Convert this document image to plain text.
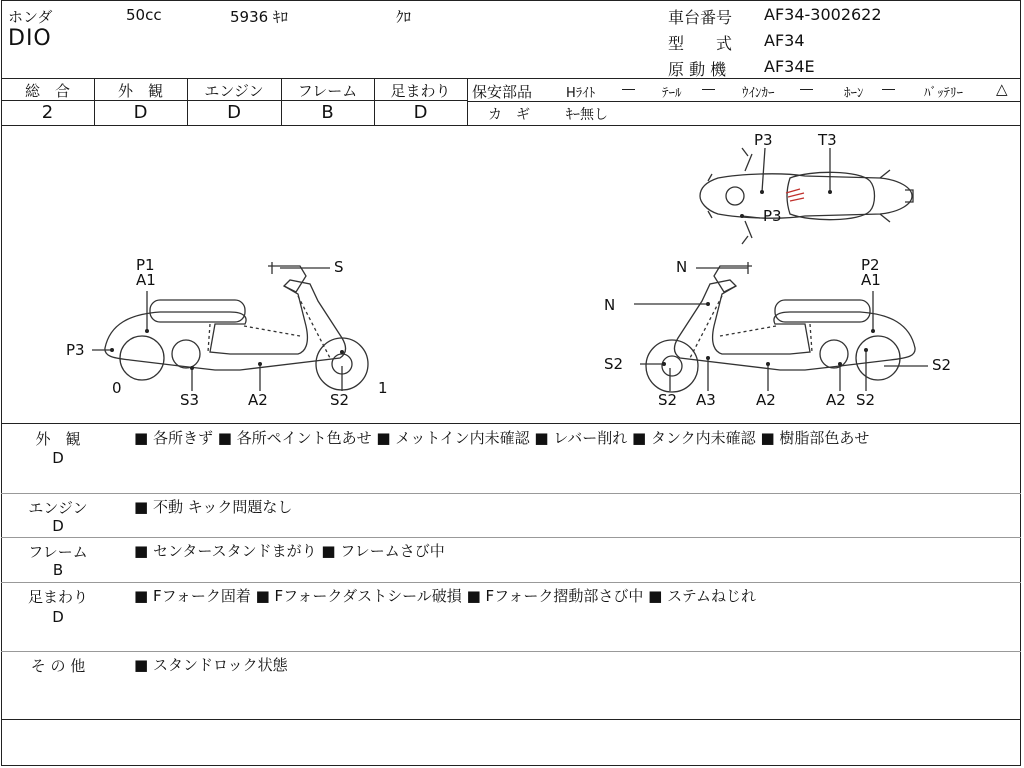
ホンダ	50cc	5936 ｷﾛ	ｸﾛ
DIO
車台番号 AF34-3002622
型　　式 AF34
原 動 機 AF34E
総　合
2
外　観
D
エンジン
D
フレーム
B
足まわり
D
保安部品	Hﾗｲﾄ ― ﾃｰﾙ ― ｳｲﾝｶｰ ― ﾎｰﾝ ― ﾊﾞｯﾃﾘｰ △
カ　ギ	ｷｰ無し
P3	T3
P3
P1
A1
S
P3
0
S3	A2	S2
1
N	P2
A1
N
S2	S2
S2 A3	A2	A2 S2
外　観
D
■ 各所きず ■ 各所ペイント色あせ ■ メットイン内未確認 ■ レバー削れ ■ タンク内未確認 ■ 樹脂部色あせ
エンジン
D
■ 不動 キック問題なし
フレーム
B
■ センタースタンドまがり ■ フレームさび中
足まわり
D
■ Fフォーク固着 ■ Fフォークダストシール破損 ■ Fフォーク摺動部さび中 ■ ステムねじれ
そ の 他	■ スタンドロック状態
